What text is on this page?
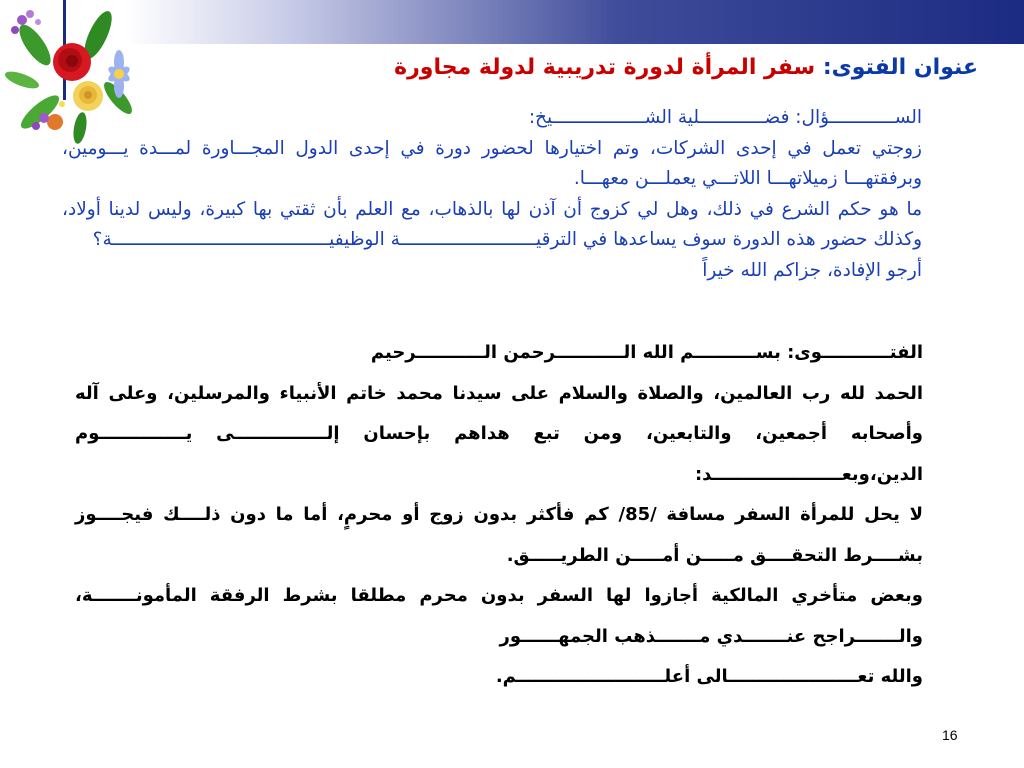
عنوان الفتوى: سفر المرأة لدورة تدريبية لدولة مجاورة

الســــــــــــؤال: فضــــــــــــلية الشـــــــــــــــــيخ:

زوجتي تعمل في إحدى الشركات، وتم اختيارها لحضور دورة في إحدى الدول المجـــاورة لمـــدة يـــومين، وبرفقتهـــا زميلاتهـــا اللاتـــي يعملـــن معهـــا.

ما هو حكم الشرع في ذلك، وهل لي كزوج أن آذن لها بالذهاب، مع العلم بأن ثقتي بها كبيرة، وليس لدينا أولاد، وكذلك حضور هذه الدورة سوف يساعدها في الترقيـــــــــــــــــــــــــة الوظيفيــــــــــــــــــــــــــــــــــــــــة؟

أرجو الإفادة، جزاكم الله خيراً

الفتـــــــــــوى: بســــــــــم الله الـــــــــــرحمن الـــــــــــرحيم

الحمد لله رب العالمين، والصلاة والسلام على سيدنا محمد خاتم الأنبياء والمرسلين، وعلى آله وأصحابه أجمعين، والتابعين، ومن تبع هداهم بإحسان إلـــــــــــــــى يــــــــــــــوم الدين،وبعـــــــــــــــــــــد:

لا يحل للمرأة السفر مسافة /85/ كم فأكثر بدون زوج أو محرمٍ، أما ما دون ذلــــك فيجــــوز بشــــرط التحقــــق مـــــن أمـــــن الطريـــــق.

وبعض متأخري المالكية أجازوا لها السفر بدون محرم مطلقا بشرط الرفقة المأمونـــــــة، والـــــــراجح عنـــــــدي مـــــــذهب الجمهــــــور

والله تعـــــــــــــــــــــالى أعلــــــــــــــــــــــــم.

16
